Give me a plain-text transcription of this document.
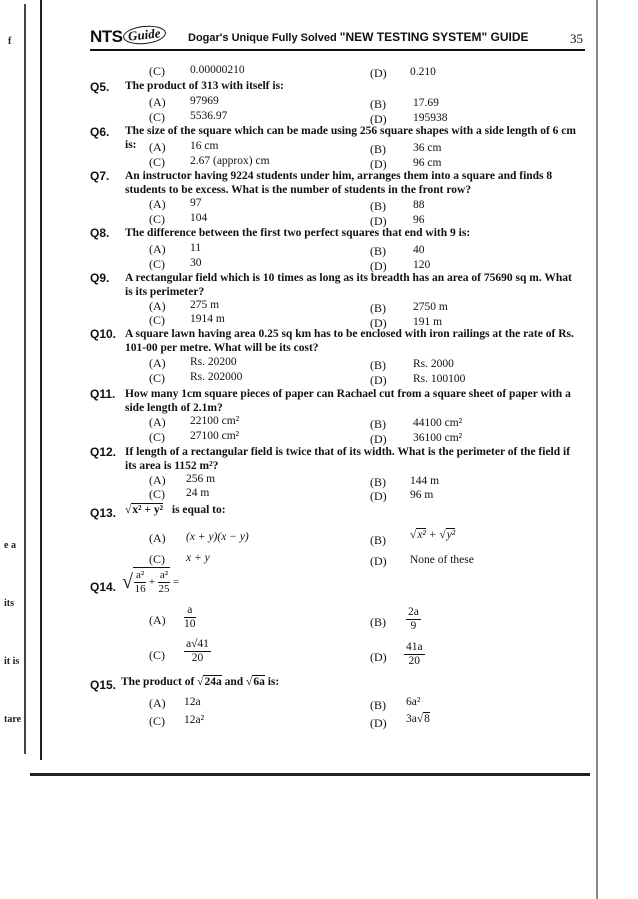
f
e a
its
it is
tare
NTS Guide	Dogar's Unique Fully Solved "NEW TESTING SYSTEM" GUIDE	35
(C) 0.00000210	(D) 0.210
Q5. The product of 313 with itself is:
(A) 97969	(B) 17.69
(C) 5536.97	(D) 195938
Q6. The size of the square which can be made using 256 square shapes with a side length of 6 cm is:	(A) 16 cm	(B) 36 cm
(C) 2.67 (approx) cm	(D) 96 cm
Q7. An instructor having 9224 students under him, arranges them into a square and finds 8 students to be excess. What is the number of students in the front row?
(A) 97	(B) 88
(C) 104	(D) 96
Q8. The difference between the first two perfect squares that end with 9 is:
(A) 11	(B) 40
(C) 30	(D) 120
Q9. A rectangular field which is 10 times as long as its breadth has an area of 75690 sq m. What is its perimeter?
(A) 275 m	(B) 2750 m
(C) 1914 m	(D) 191 m
Q10. A square lawn having area 0.25 sq km has to be enclosed with iron railings at the rate of Rs. 101-00 per metre. What will be its cost?
(A) Rs. 20200	(B) Rs. 2000
(C) Rs. 202000	(D) Rs. 100100
Q11. How many 1cm square pieces of paper can Rachael cut from a square sheet of paper with a side length of 2.1m?
(A) 22100 cm²	(B) 44100 cm²
(C) 27100 cm²	(D) 36100 cm²
Q12. If length of a rectangular field is twice that of its width. What is the perimeter of the field if its area is 1152 m²?
(A) 256 m	(B) 144 m
(C) 24 m	(D) 96 m
Q13. √x² + y² is equal to:
(A) (x + y)(x − y)	(B) √x² + √y²
(C) x + y	(D) None of these
Q14. √ $\frac{\text{a²}}{16} + \frac{\text{a²}}{25}$ =
$(A) \frac{a}{10}$	$(B) \frac{2a}{9}$
$(C) \frac{a√41}{20}$	$(D) \frac{41a}{20}$
Q15. The product of √24a and √6a is:
(A) 12a	(B) 6a²
(C) 12a²	(D) 3a√8
